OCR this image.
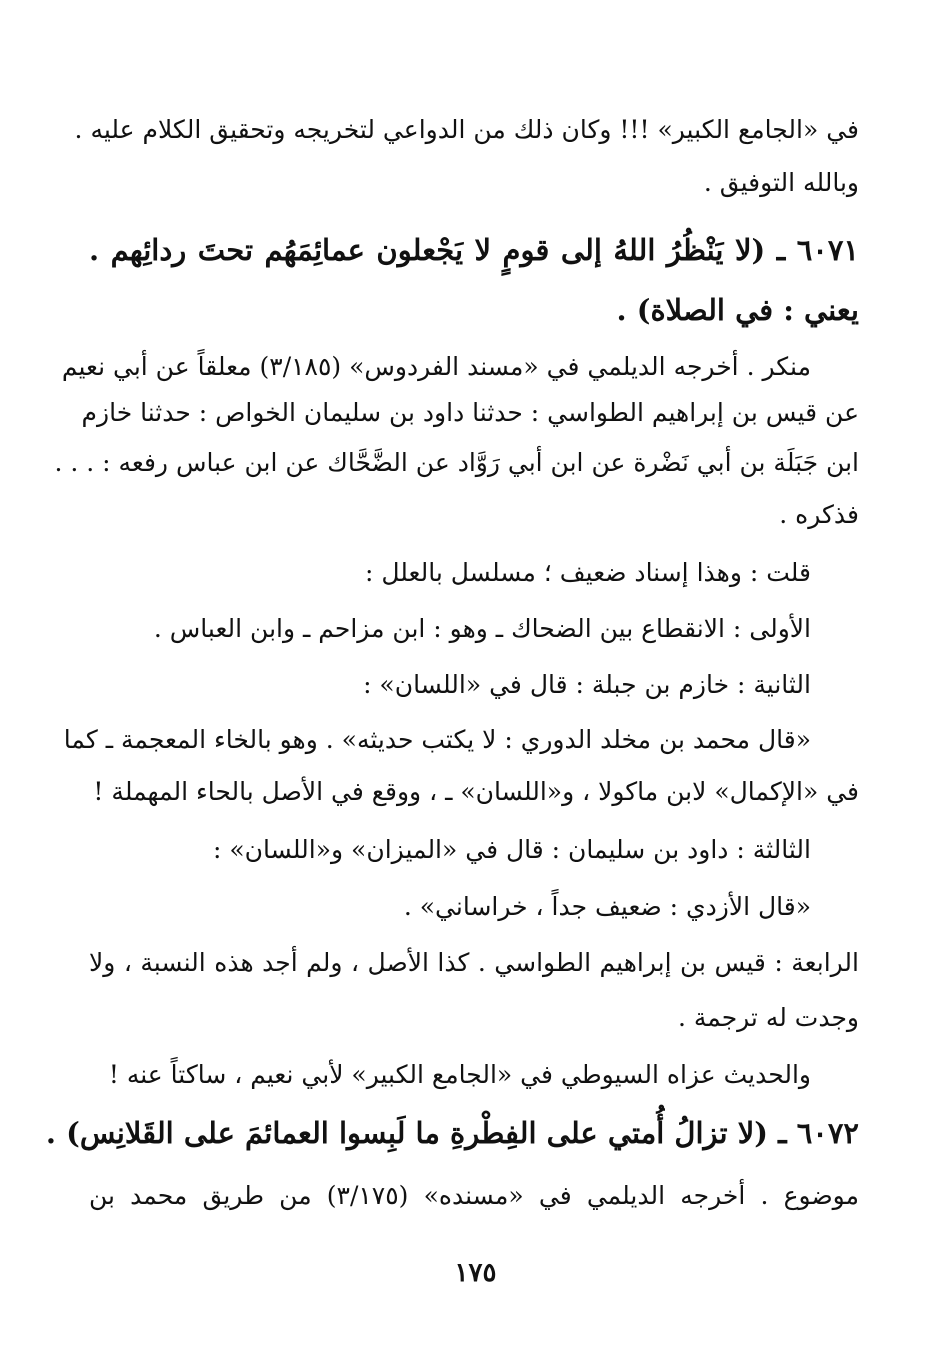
في «الجامع الكبير» !!! وكان ذلك من الدواعي لتخريجه وتحقيق الكلام عليه .
وبالله التوفيق .
٦٠٧١ ـ (لا يَنْظُرُ اللهُ إلى قومٍ لا يَجْعلون عمائِمَهُم تحتَ ردائِهم .
يعني : في الصلاة) .
منكر . أخرجه الديلمي في «مسند الفردوس» (٣/١٨٥) معلقاً عن أبي نعيم
عن قيس بن إبراهيم الطواسي : حدثنا داود بن سليمان الخواص : حدثنا خازم
ابن جَبَلَة بن أبي نَضْرة عن ابن أبي رَوَّاد عن الضَّحَّاك عن ابن عباس رفعه : . . .
فذكره .
قلت : وهذا إسناد ضعيف ؛ مسلسل بالعلل :
الأولى : الانقطاع بين الضحاك ـ وهو : ابن مزاحم ـ وابن العباس .
الثانية : خازم بن جبلة : قال في «اللسان» :
«قال محمد بن مخلد الدوري : لا يكتب حديثه» . وهو بالخاء المعجمة ـ كما
في «الإكمال» لابن ماكولا ، و«اللسان» ـ ، ووقع في الأصل بالحاء المهملة !
الثالثة : داود بن سليمان : قال في «الميزان» و«اللسان» :
«قال الأزدي : ضعيف جداً ، خراساني» .
الرابعة : قيس بن إبراهيم الطواسي . كذا الأصل ، ولم أجد هذه النسبة ، ولا
وجدت له ترجمة .
والحديث عزاه السيوطي في «الجامع الكبير» لأبي نعيم ، ساكتاً عنه !
٦٠٧٢ ـ (لا تزالُ أُمتي على الفِطْرةِ ما لَبِسوا العمائمَ على القَلانِس) .
موضوع . أخرجه الديلمي في «مسنده» (٣/١٧٥) من طريق محمد بن
١٧٥
